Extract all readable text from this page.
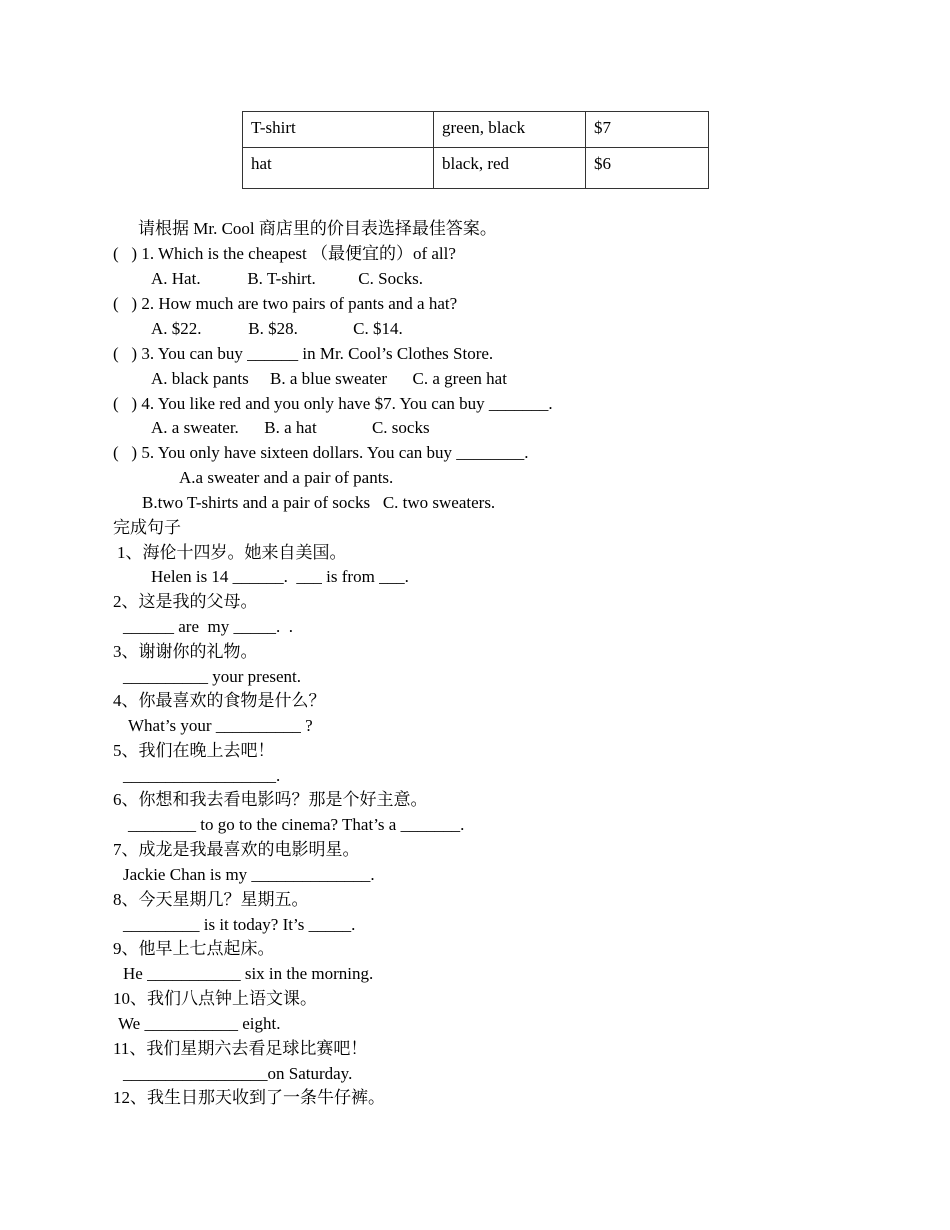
T-shirt	green, black	$7
hat	black, red	$6
请根据 Mr. Cool 商店里的价目表选择最佳答案。
(   ) 1. Which is the cheapest （最便宜的）of all?
A. Hat.           B. T-shirt.          C. Socks.
(   ) 2. How much are two pairs of pants and a hat?
A. $22.           B. $28.             C. $14.
(   ) 3. You can buy ______ in Mr. Cool’s Clothes Store.
A. black pants     B. a blue sweater      C. a green hat
(   ) 4. You like red and you only have $7. You can buy _______.
A. a sweater.      B. a hat             C. socks
(   ) 5. You only have sixteen dollars. You can buy ________.
A.a sweater and a pair of pants.
B.two T-shirts and a pair of socks   C. two sweaters.
完成句子
1、海伦十四岁。她来自美国。
Helen is 14 ______.  ___ is from ___.
2、这是我的父母。
______ are  my _____.  .
3、谢谢你的礼物。
__________ your present.
4、你最喜欢的食物是什么？
What’s your __________ ?
5、我们在晚上去吧！
__________________.
6、你想和我去看电影吗？那是个好主意。
________ to go to the cinema? That’s a _______.
7、成龙是我最喜欢的电影明星。
Jackie Chan is my ______________.
8、今天星期几？星期五。
_________ is it today? It’s _____.
9、他早上七点起床。
He ___________ six in the morning.
10、我们八点钟上语文课。
We ___________ eight.
11、我们星期六去看足球比赛吧！
_________________on Saturday.
12、我生日那天收到了一条牛仔裤。
